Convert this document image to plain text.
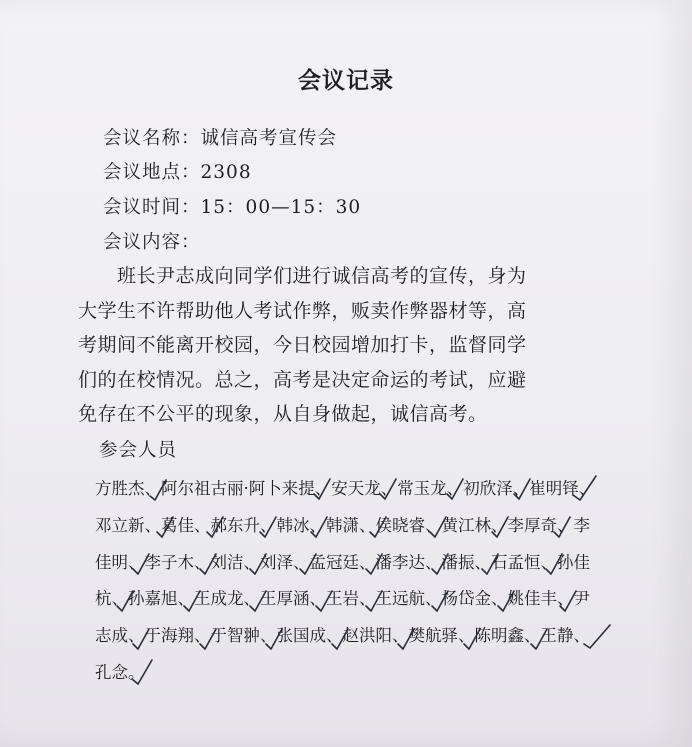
会议记录
会议名称：诚信高考宣传会
会议地点：2308
会议时间：15：00—15：30
会议内容：
　　班长尹志成向同学们进行诚信高考的宣传，身为
大学生不许帮助他人考试作弊，贩卖作弊器材等，高
考期间不能离开校园，今日校园增加打卡，监督同学
们的在校情况。总之，高考是决定命运的考试，应避
免存在不公平的现象，从自身做起，诚信高考。
参会人员
方胜杰、阿尔祖古丽·阿卜来提、安天龙、常玉龙、初欣泽、崔明铎、
邓立新、葛佳、郝东升、韩冰、韩潇、侯晓睿、黄江林、李厚奇、李
佳明、李子木、刘洁、刘泽、孟冠廷、潘李达、潘振、石孟恒、孙佳
杭、孙嘉旭、王成龙、王厚涵、王岩、王远航、杨岱金、姚佳丰、尹
志成、于海翔、于智翀、张国成、赵洪阳、樊航驿、陈明鑫、王静、
孔念。
